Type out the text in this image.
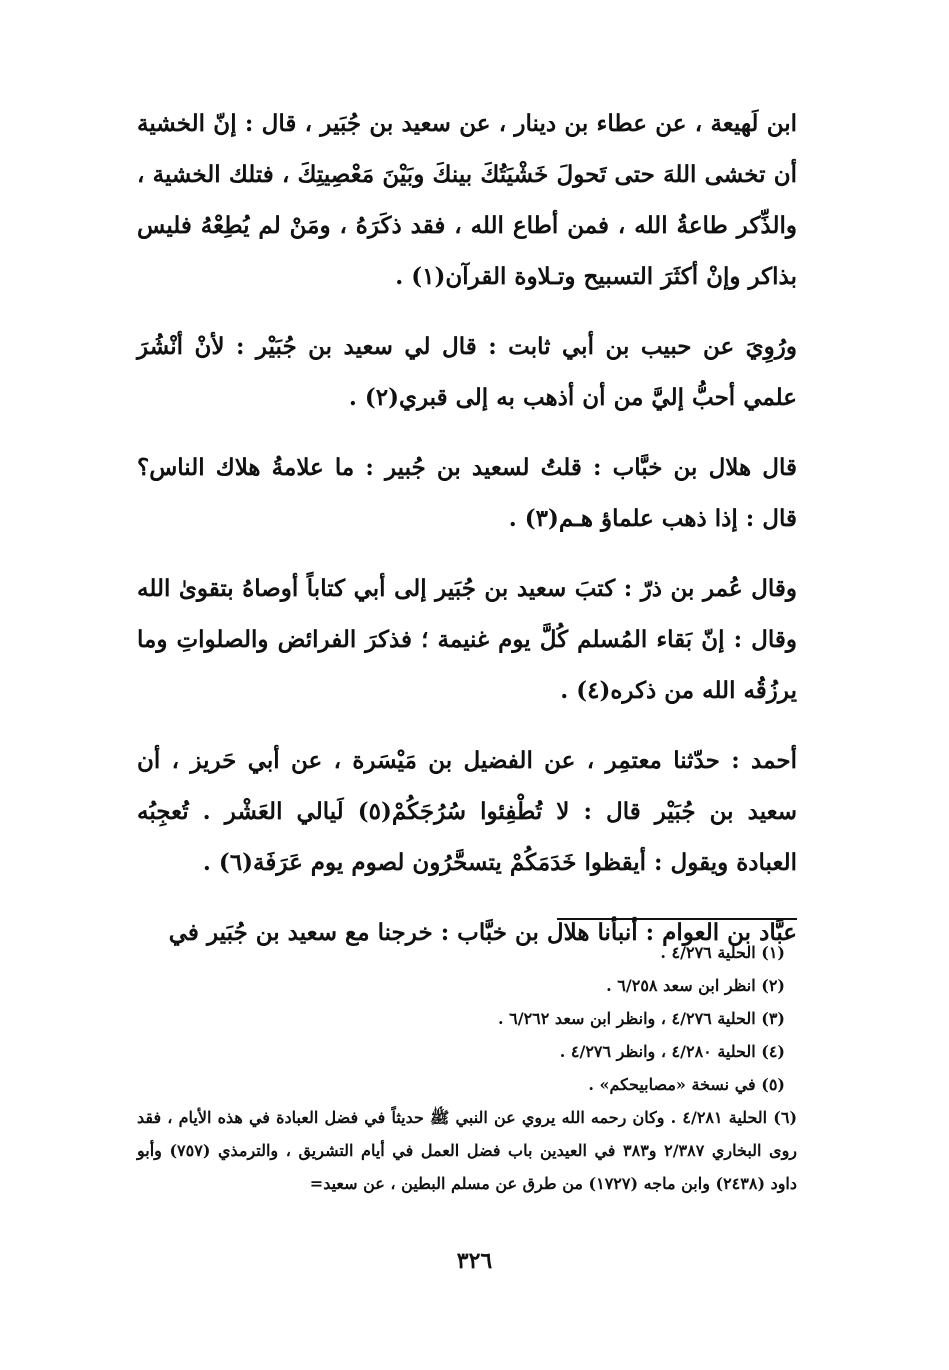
ابن لَهيعة ، عن عطاء بن دينار ، عن سعيد بن جُبَير ، قال : إنّ الخشية أن تخشى اللهَ حتى تَحولَ خَشْيَتُكَ بينكَ وبَيْنَ مَعْصِيتِكَ ، فتلك الخشية ، والذِّكر طاعةُ الله ، فمن أطاع الله ، فقد ذكَرَهُ ، ومَنْ لم يُطِعْهُ فليس بذاكر وإنْ أكثَرَ التسبيح وتـلاوة القرآن(١) .

ورُوِيَ عن حبيب بن أبي ثابت : قال لي سعيد بن جُبَيْر : لأنْ أنْشُرَ علمي أحبُّ إليَّ من أن أذهب به إلى قبري(٢) .

قال هلال بن خبَّاب : قلتُ لسعيد بن جُبير : ما علامةُ هلاك الناس؟ قال : إذا ذهب علماؤ هـم(٣) .

وقال عُمر بن ذرّ : كتبَ سعيد بن جُبَير إلى أبي كتاباً أوصاهُ بتقوىٰ الله وقال : إنّ بَقاء المُسلم كُلَّ يوم غنيمة ؛ فذكرَ الفرائض والصلواتِ وما يرزُقُه الله من ذكره(٤) .

أحمد : حدّثنا معتمِر ، عن الفضيل بن مَيْسَرة ، عن أبي حَريز ، أن سعيد بن جُبَيْر قال : لا تُطْفِئوا سُرُجَكُمْ(٥) لَيالي العَشْر . تُعجِبُه العبادة ويقول : أيقظوا خَدَمَكُمْ يتسحَّرُون لصوم يوم عَرَفَة(٦) .

عبَّاد بن العوام : أنبأنا هلال بن خبَّاب : خرجنا مع سعيد بن جُبَير في

(١) الحلية ٤/٢٧٦ .

(٢) انظر ابن سعد ٦/٢٥٨ .

(٣) الحلية ٤/٢٧٦ ، وانظر ابن سعد ٦/٢٦٢ .

(٤) الحلية ٤/٢٨٠ ، وانظر ٤/٢٧٦ .

(٥) في نسخة «مصابيحكم» .

(٦) الحلية ٤/٢٨١ . وكان رحمه الله يروي عن النبي ﷺ حديثاً في فضل العبادة في هذه الأيام ، فقد روى البخاري ٢/٣٨٧ و٣٨٣ في العيدين باب فضل العمل في أيام التشريق ، والترمذي (٧٥٧) وأبو داود (٢٤٣٨) وابن ماجه (١٧٢٧) من طرق عن مسلم البطين ، عن سعيد=

٣٢٦
